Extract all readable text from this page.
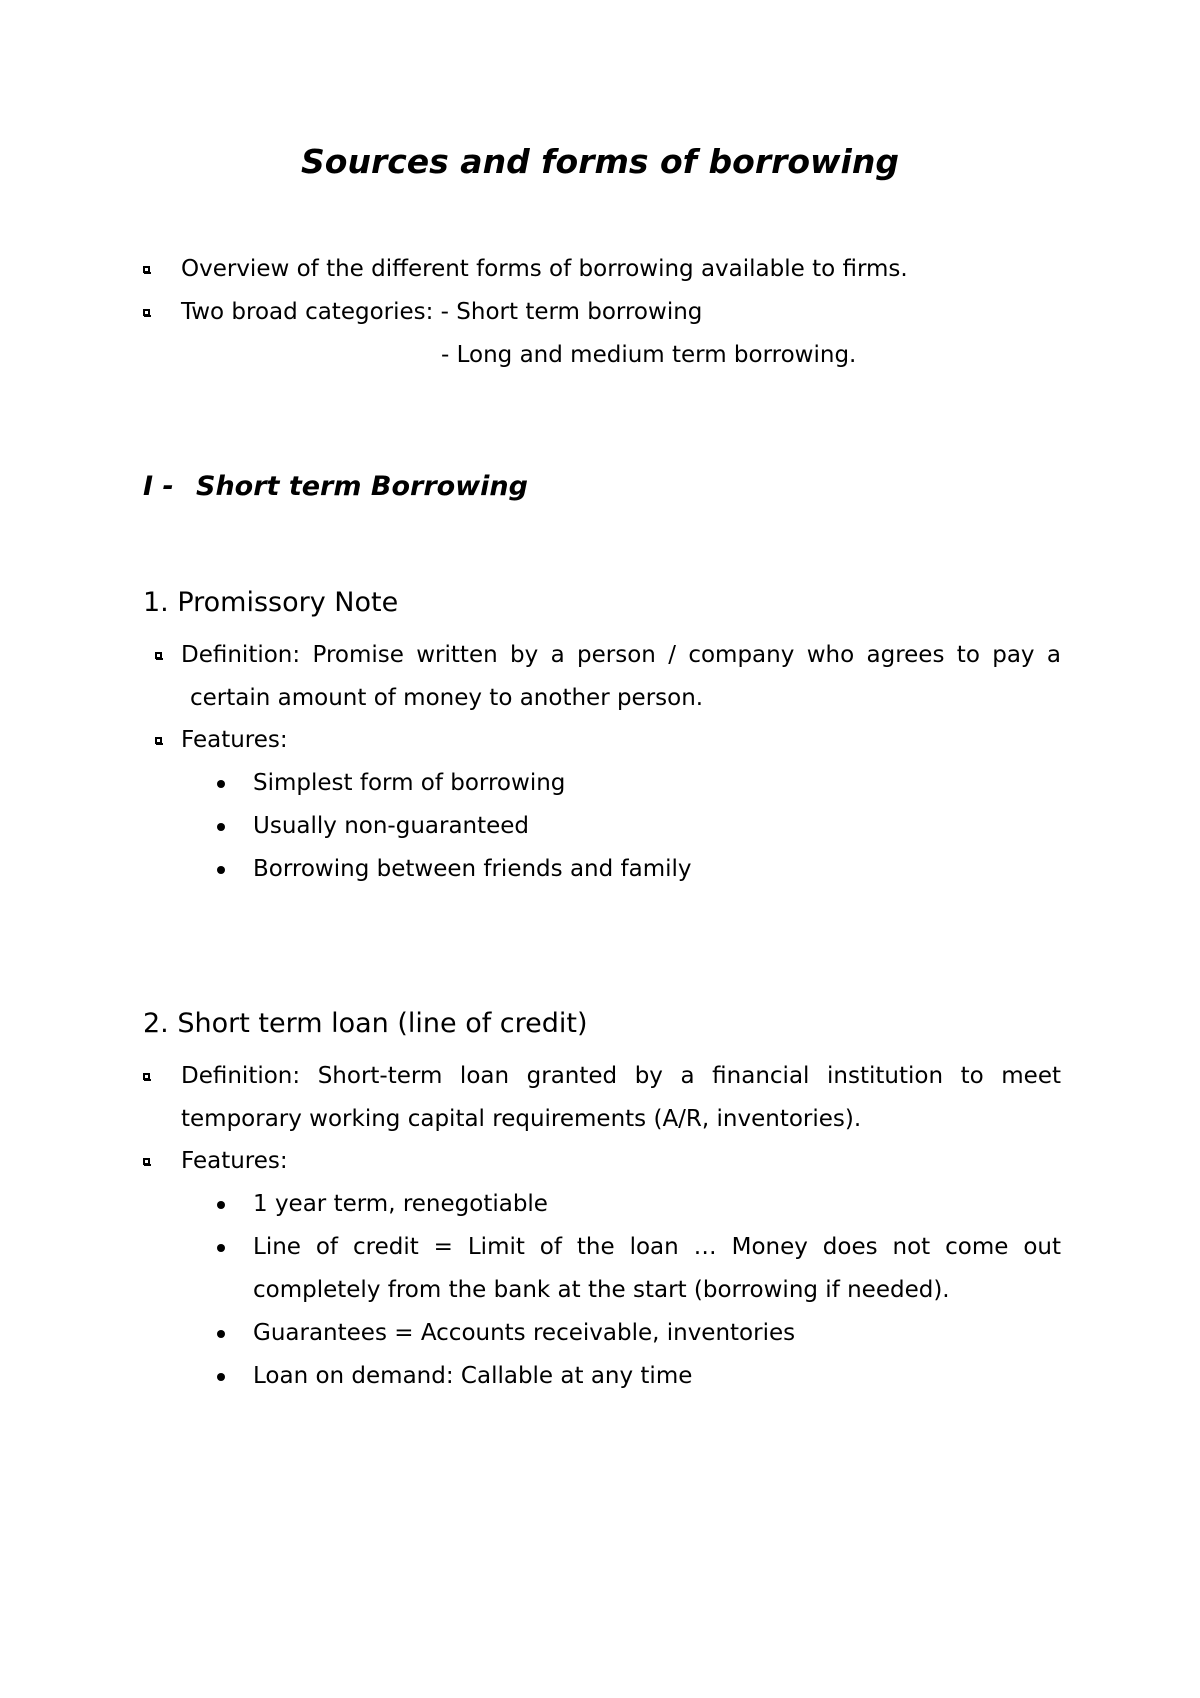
Sources and forms of borrowing
Overview of the different forms of borrowing available to firms.
Two broad categories: - Short term borrowing
- Long and medium term borrowing.
I - Short term Borrowing
1. Promissory Note
Definition: Promise written by a person / company who agrees to pay a
certain amount of money to another person.
Features:
Simplest form of borrowing
Usually non-guaranteed
Borrowing between friends and family
2. Short term loan (line of credit)
Definition: Short-term loan granted by a financial institution to meet
temporary working capital requirements (A/R, inventories).
Features:
1 year term, renegotiable
Line of credit = Limit of the loan … Money does not come out
completely from the bank at the start (borrowing if needed).
Guarantees = Accounts receivable, inventories
Loan on demand: Callable at any time
